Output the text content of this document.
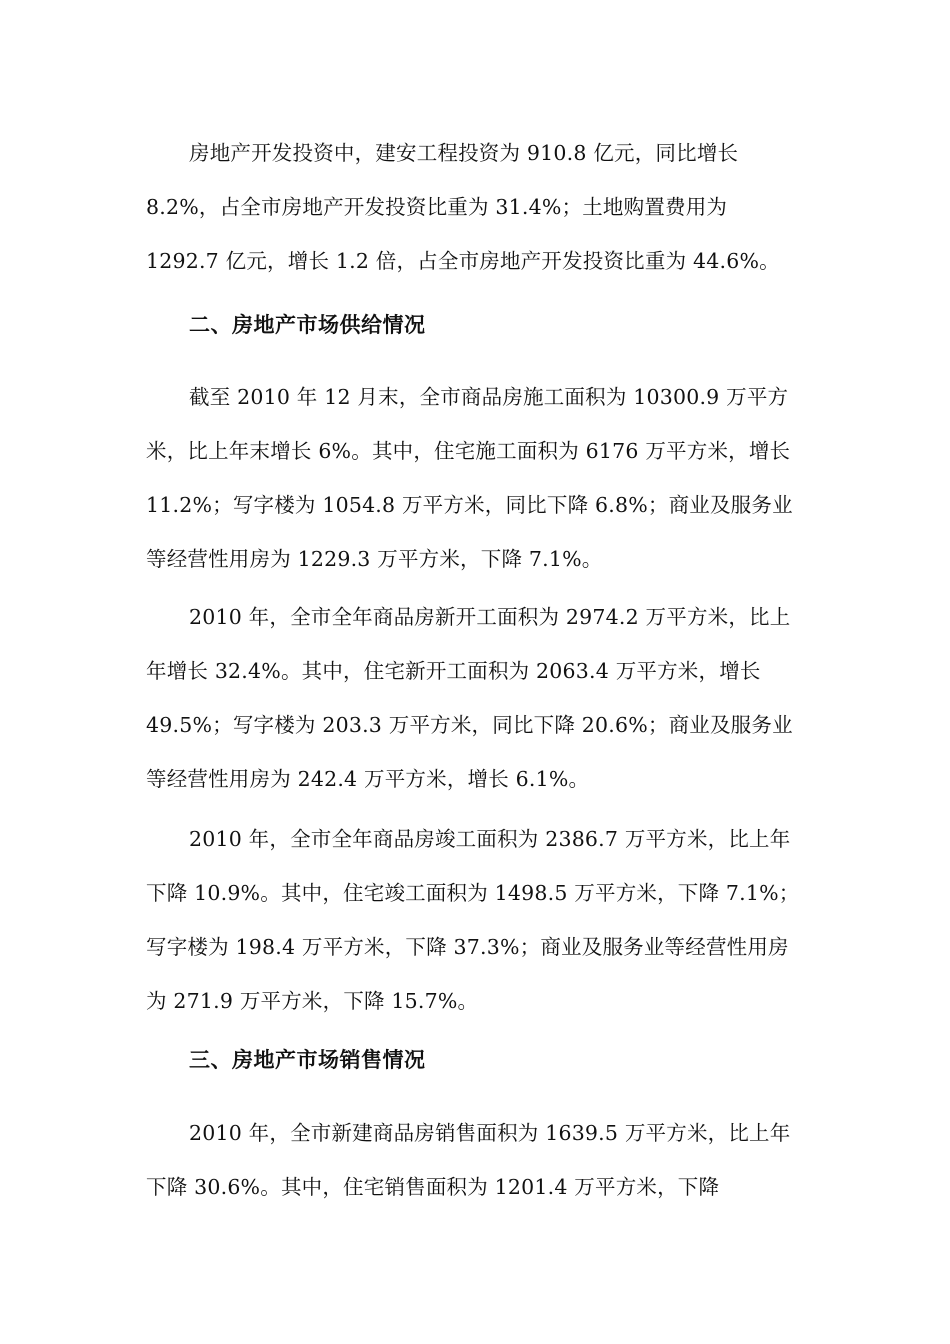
房地产开发投资中，建安工程投资为 910.8 亿元，同比增长
8.2%，占全市房地产开发投资比重为 31.4%；土地购置费用为
1292.7 亿元，增长 1.2 倍，占全市房地产开发投资比重为 44.6%。
二、房地产市场供给情况
截至 2010 年 12 月末，全市商品房施工面积为 10300.9 万平方
米，比上年末增长 6%。其中，住宅施工面积为 6176 万平方米，增长
11.2%；写字楼为 1054.8 万平方米，同比下降 6.8%；商业及服务业
等经营性用房为 1229.3 万平方米，下降 7.1%。
2010 年，全市全年商品房新开工面积为 2974.2 万平方米，比上
年增长 32.4%。其中，住宅新开工面积为 2063.4 万平方米，增长
49.5%；写字楼为 203.3 万平方米，同比下降 20.6%；商业及服务业
等经营性用房为 242.4 万平方米，增长 6.1%。
2010 年，全市全年商品房竣工面积为 2386.7 万平方米，比上年
下降 10.9%。其中，住宅竣工面积为 1498.5 万平方米，下降 7.1%；
写字楼为 198.4 万平方米，下降 37.3%；商业及服务业等经营性用房
为 271.9 万平方米，下降 15.7%。
三、房地产市场销售情况
2010 年，全市新建商品房销售面积为 1639.5 万平方米，比上年
下降 30.6%。其中，住宅销售面积为 1201.4 万平方米，下降
